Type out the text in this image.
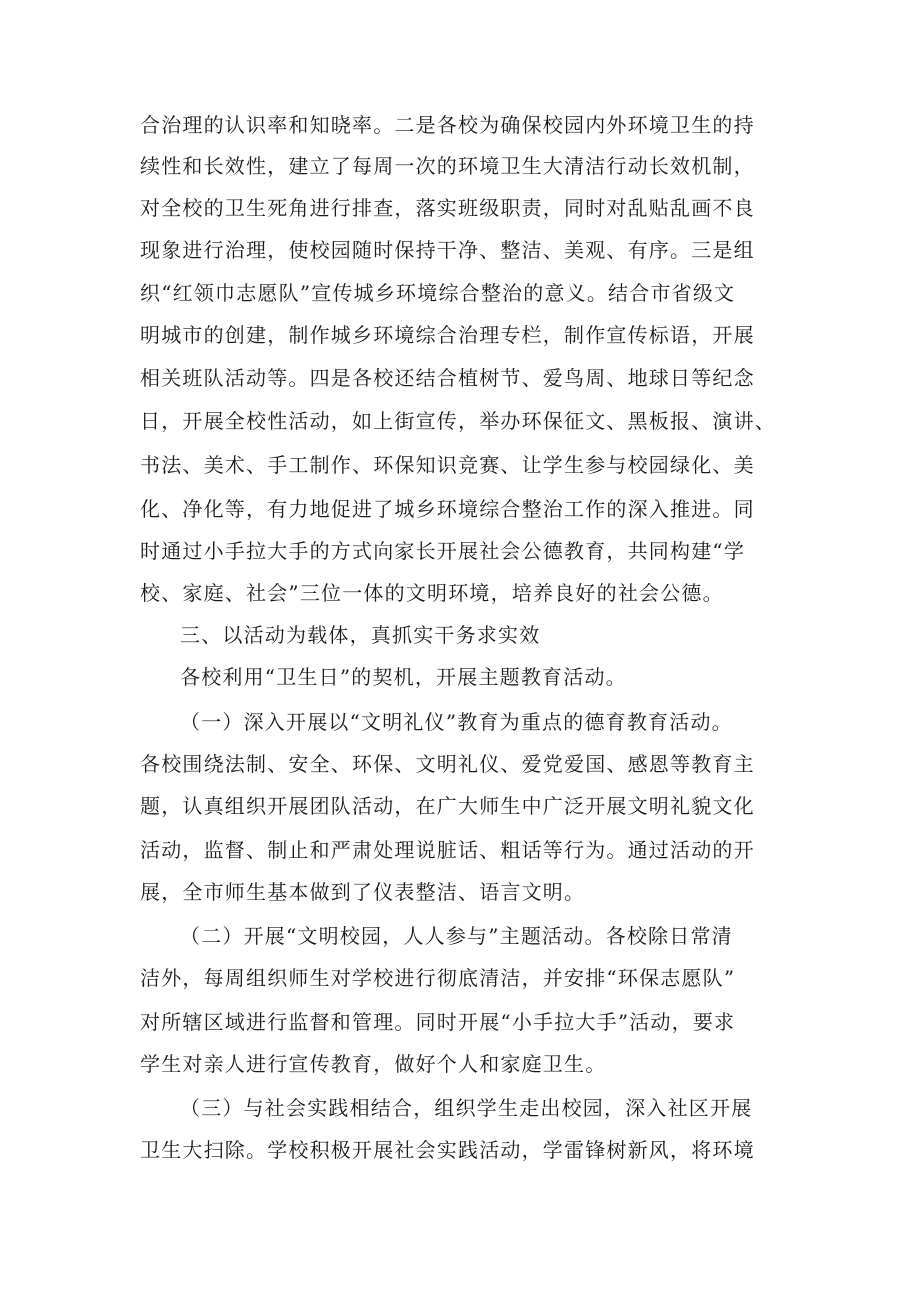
合治理的认识率和知晓率。二是各校为确保校园内外环境卫生的持
续性和长效性，建立了每周一次的环境卫生大清洁行动长效机制，
对全校的卫生死角进行排查，落实班级职责，同时对乱贴乱画不良
现象进行治理，使校园随时保持干净、整洁、美观、有序。三是组
织“红领巾志愿队”宣传城乡环境综合整治的意义。结合市省级文
明城市的创建，制作城乡环境综合治理专栏，制作宣传标语，开展
相关班队活动等。四是各校还结合植树节、爱鸟周、地球日等纪念
日，开展全校性活动，如上街宣传，举办环保征文、黑板报、演讲、
书法、美术、手工制作、环保知识竞赛、让学生参与校园绿化、美
化、净化等，有力地促进了城乡环境综合整治工作的深入推进。同
时通过小手拉大手的方式向家长开展社会公德教育，共同构建“学
校、家庭、社会”三位一体的文明环境，培养良好的社会公德。
三、以活动为载体，真抓实干务求实效
各校利用“卫生日”的契机，开展主题教育活动。
（一）深入开展以“文明礼仪”教育为重点的德育教育活动。
各校围绕法制、安全、环保、文明礼仪、爱党爱国、感恩等教育主
题，认真组织开展团队活动，在广大师生中广泛开展文明礼貌文化
活动，监督、制止和严肃处理说脏话、粗话等行为。通过活动的开
展，全市师生基本做到了仪表整洁、语言文明。
（二）开展“文明校园，人人参与”主题活动。各校除日常清
洁外，每周组织师生对学校进行彻底清洁，并安排“环保志愿队”
对所辖区域进行监督和管理。同时开展“小手拉大手”活动，要求
学生对亲人进行宣传教育，做好个人和家庭卫生。
（三）与社会实践相结合，组织学生走出校园，深入社区开展
卫生大扫除。学校积极开展社会实践活动，学雷锋树新风，将环境
